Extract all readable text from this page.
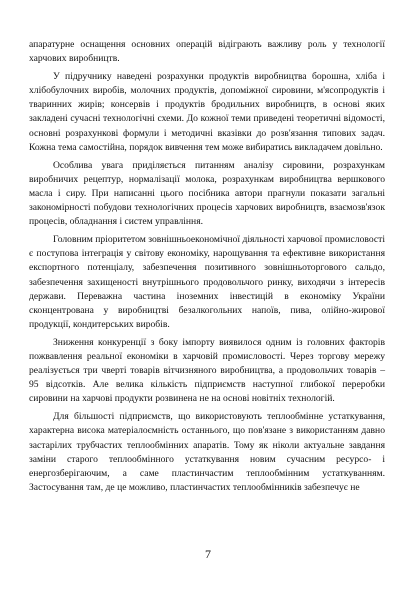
апаратурне оснащення основних операцій відіграють важливу роль у технології харчових виробництв.

У підручнику наведені розрахунки продуктів виробництва борошна, хліба і хлібобулочних виробів, молочних продуктів, допоміжної сировини, м'ясопродуктів і тваринних жирів; консервів і продуктів бродильних виробництв, в основі яких закладені сучасні технологічні схеми. До кожної теми приведені теоретичні відомості, основні розрахункові формули і методичні вказівки до розв'язання типових задач. Кожна тема самостійна, порядок вивчення тем може вибиратись викладачем довільно.

Особлива увага приділяється питанням аналізу сировини, розрахункам виробничих рецептур, нормалізації молока, розрахункам виробництва вершкового масла і сиру. При написанні цього посібника автори прагнули показати загальні закономірності побудови технологічних процесів харчових виробництв, взаємозв'язок процесів, обладнання і систем управління.

Головним пріоритетом зовнішньоекономічної діяльності харчової промисловості є поступова інтеграція у світову економіку, нарощування та ефективне використання експортного потенціалу, забезпечення позитивного зовнішньоторгового сальдо, забезпечення захищеності внутрішнього продовольчого ринку, виходячи з інтересів держави. Переважна частина іноземних інвестицій в економіку України сконцентрована у виробництві безалкогольних напоїв, пива, олійно-жирової продукції, кондитерських виробів.

Зниження конкуренції з боку імпорту виявилося одним із головних факторів пожвавлення реальної економіки в харчовій промисловості. Через торгову мережу реалізується три чверті товарів вітчизняного виробництва, а продовольчих товарів – 95 відсотків. Але велика кількість підприємств наступної глибокої переробки сировини на харчові продукти розвинена не на основі новітніх технологій.

Для більшості підприємств, що використовують теплообмінне устаткування, характерна висока матеріалоємність останнього, що пов'язане з використанням давно застарілих трубчастих теплообмінних апаратів. Тому як ніколи актуальне завдання заміни старого теплообмінного устаткування новим сучасним ресурсо- і енергозберігаючим, а саме пластинчастим теплообмінним устаткуванням. Застосування там, де це можливо, пластинчастих теплообмінників забезпечує не

7
